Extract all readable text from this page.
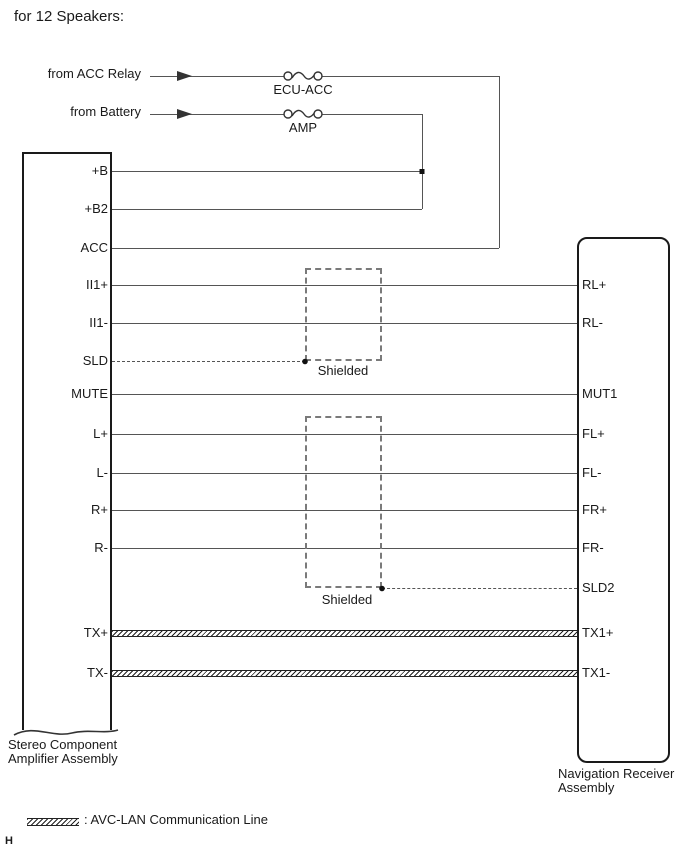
for 12 Speakers:
from ACC Relay
from Battery
ECU-ACC
AMP
Shielded
Shielded
+B
+B2
ACC
II1+
II1-
SLD
MUTE
L+
L-
R+
R-
TX+
TX-
RL+
RL-
MUT1
FL+
FL-
FR+
FR-
SLD2
TX1+
TX1-
Stereo Component
Amplifier Assembly
Navigation Receiver
Assembly
: AVC-LAN Communication Line
H
